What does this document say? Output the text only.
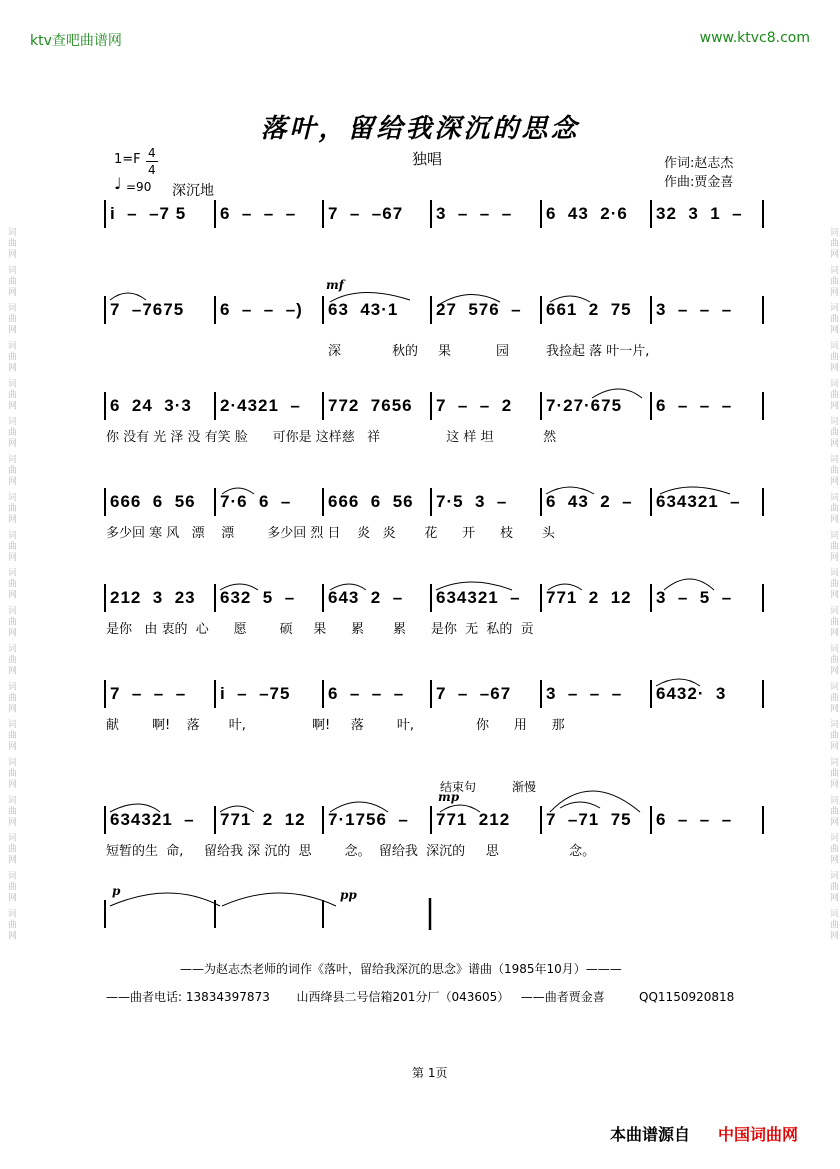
词曲网 词曲网 词曲网 词曲网 词曲网 词曲网 词曲网 词曲网 词曲网 词曲网 词曲网 词曲网 词曲网 词曲网 词曲网 词曲网 词曲网 词曲网 词曲网	词曲网 词曲网 词曲网 词曲网 词曲网 词曲网 词曲网 词曲网 词曲网 词曲网 词曲网 词曲网 词曲网 词曲网 词曲网 词曲网 词曲网 词曲网 词曲网
ktv查吧曲谱网	www.ktvc8.com
落叶，留给我深沉的思念
1=F 4
4
♩ =90 深沉地
独唱	作词:赵志杰
作曲:贾金喜
i  –  –7 5 6  –  –  – 7  –  –67 3  –  –  – 6  43  2·6 32  3  1  –
7  –7675 6  –  –  –) 63  43·1 27  576  – 661  2  75 3  –  –  –
深	秋的 果	园	我捡起 落 叶一片,
6  24  3·3 2·4321  – 772  7656 7  –  –  2 7·27·675 6  –  –  –
你 没有 光 泽 没 有笑 脸      可你是 这样慈   祥                这 样 坦            然
666  6  56 7·6  6  – 666  6  56 7·5  3  – 6  43  2  – 634321  –
多少回 寒 风   漂    漂        多少回 烈 日    炎   炎       花      开      枝       头
212  3  23 632  5  – 643  2  – 634321  – 771  2  12 3  –  5  –
是你   由 衷的  心      愿        硕     果      累       累      是你  无  私的  贡
7  –  –  – i  –  –75 6  –  –  – 7  –  –67 3  –  –  – 6432·  3
献        啊!    落       叶,                啊!     落        叶,               你      用      那
634321  – 771  2  12 7·1756  – 771  212 7  –71  75 6  –  –  –
短暂的生  命,     留给我 深 沉的  思        念。  留给我  深沉的     思                 念。
mf
mp
p	pp
结束句	渐慢
——为赵志杰老师的词作《落叶，留给我深沉的思念》谱曲（1985年10月）———
——曲者电话: 13834397873       山西绛县二号信箱201分厂（043605）   ——曲者贾金喜         QQ1150920818
第 1页
本曲谱源自 中国词曲网
